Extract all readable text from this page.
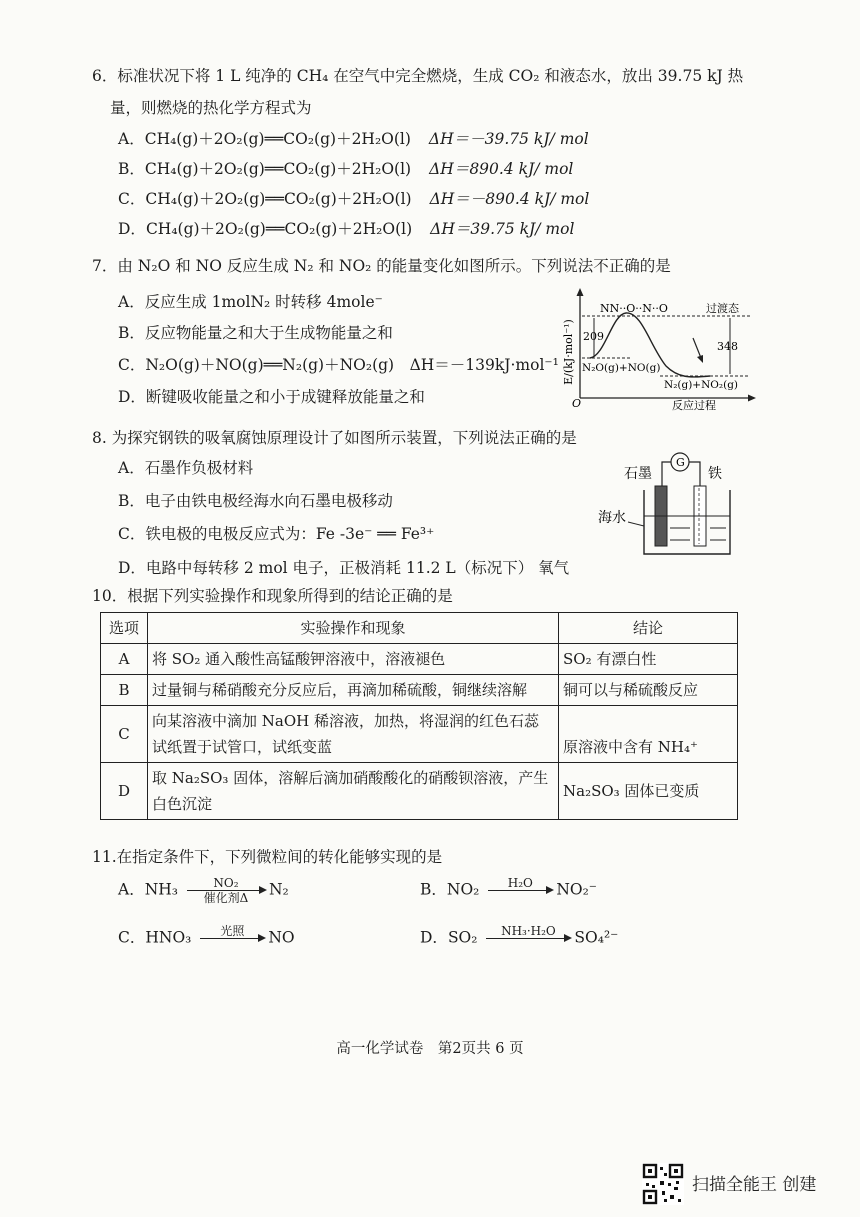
6．标准状况下将 1 L 纯净的 CH₄ 在空气中完全燃烧，生成 CO₂ 和液态水，放出 39.75 kJ 热
量，则燃烧的热化学方程式为
A．CH₄(g)＋2O₂(g)══CO₂(g)＋2H₂O(l) ΔH＝－39.75 kJ/ mol
B．CH₄(g)＋2O₂(g)══CO₂(g)＋2H₂O(l) ΔH＝890.4 kJ/ mol
C．CH₄(g)＋2O₂(g)══CO₂(g)＋2H₂O(l) ΔH＝－890.4 kJ/ mol
D．CH₄(g)＋2O₂(g)══CO₂(g)＋2H₂O(l) ΔH＝39.75 kJ/ mol
7．由 N₂O 和 NO 反应生成 N₂ 和 NO₂ 的能量变化如图所示。下列说法不正确的是
A．反应生成 1molN₂ 时转移 4mole⁻
B．反应物能量之和大于生成物能量之和
C．N₂O(g)＋NO(g)══N₂(g)＋NO₂(g)　ΔH＝－139kJ·mol⁻¹
D．断键吸收能量之和小于成键释放能量之和
E/(kJ·mol⁻¹)
O	反应过程
209
348
NN··O··N··O	过渡态
N₂O(g)+NO(g)
N₂(g)+NO₂(g)
8. 为探究钢铁的吸氧腐蚀原理设计了如图所示装置，下列说法正确的是
A．石墨作负极材料
B．电子由铁电极经海水向石墨电极移动
C．铁电极的电极反应式为：Fe -3e⁻ ══ Fe³⁺
D．电路中每转移 2 mol 电子，正极消耗 11.2 L（标况下） 氧气
石墨	铁
G
海水
10．根据下列实验操作和现象所得到的结论正确的是
选项	实验操作和现象	结论
A	将 SO₂ 通入酸性高锰酸钾溶液中，溶液褪色	SO₂ 有漂白性
B	过量铜与稀硝酸充分反应后，再滴加稀硫酸，铜继续溶解	铜可以与稀硫酸反应
C	向某溶液中滴加 NaOH 稀溶液，加热，将湿润的红色石蕊
试纸置于试管口，试纸变蓝	原溶液中含有 NH₄⁺
D	取 Na₂SO₃ 固体，溶解后滴加硝酸酸化的硝酸钡溶液，产生
白色沉淀	Na₂SO₃ 固体已变质
11.在指定条件下，下列微粒间的转化能够实现的是
A．NH₃	NO₂
催化剂Δ	N₂	B．NO₂	H₂O
	NO₂⁻
C．HNO₃	光照
	NO	D．SO₂	NH₃·H₂O
	SO₄²⁻
高一化学试卷　第2页共 6 页
扫描全能王 创建
